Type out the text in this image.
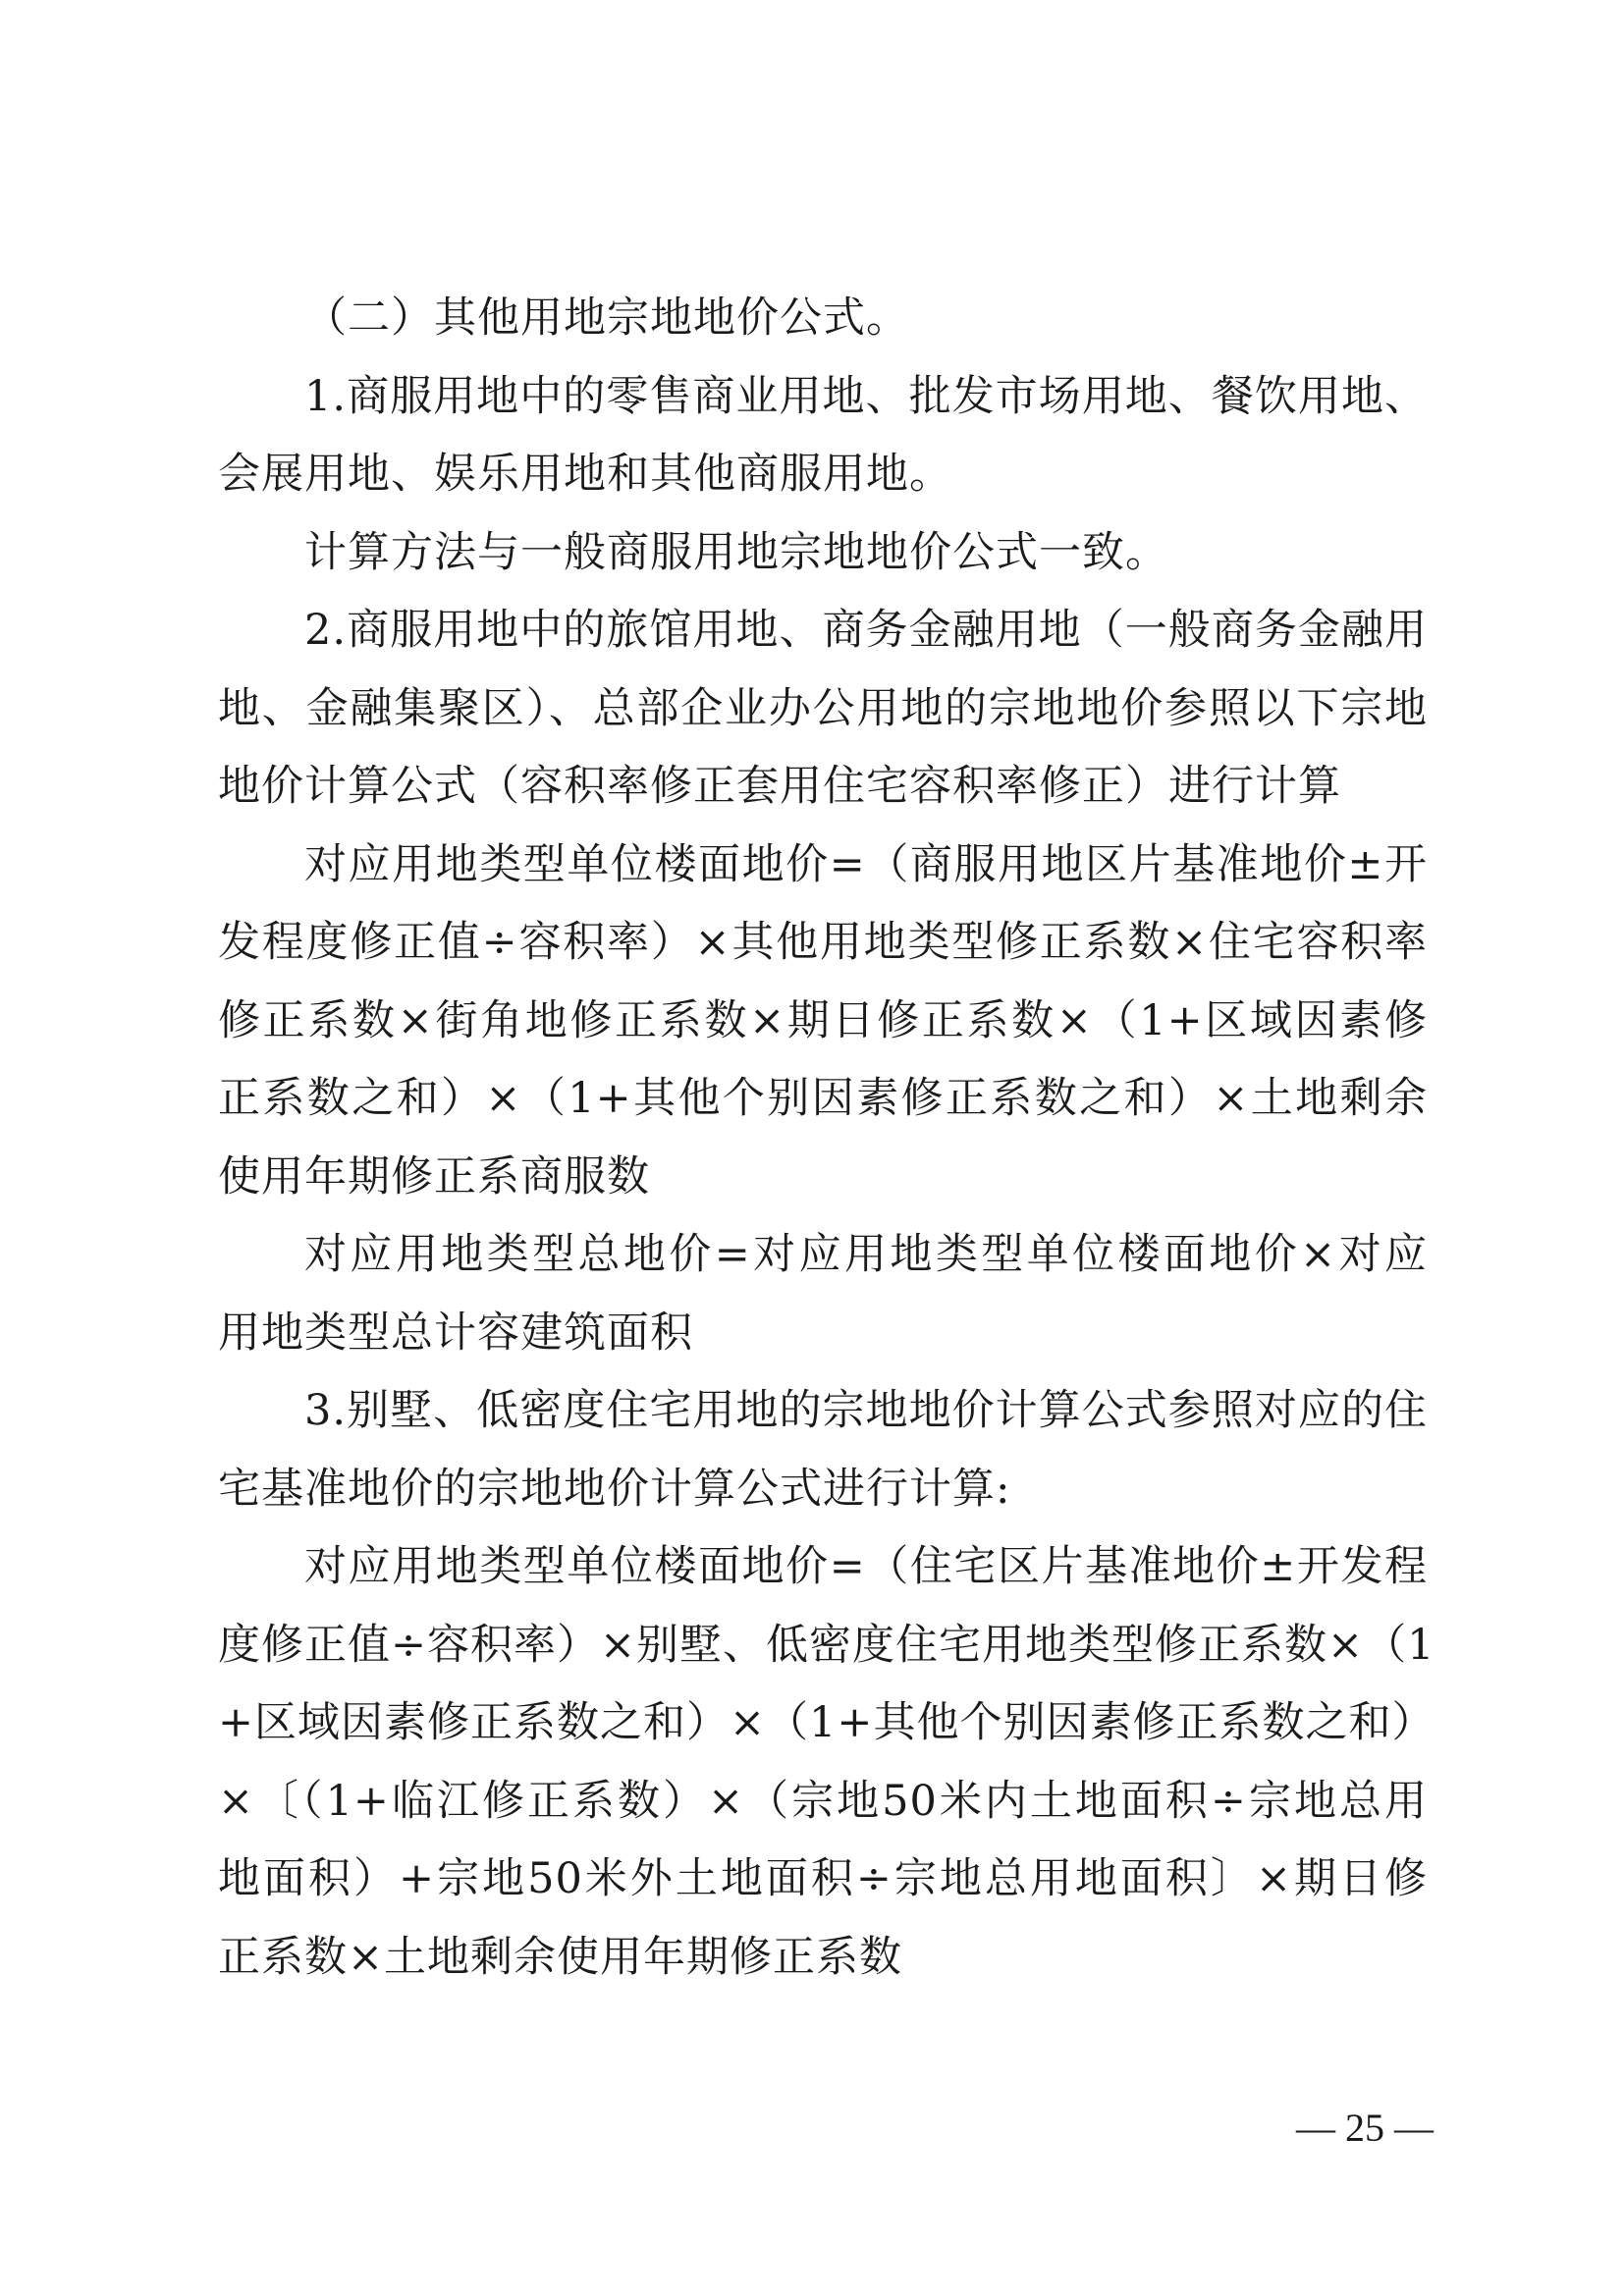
（二）其他用地宗地地价公式。
1.商服用地中的零售商业用地、批发市场用地、餐饮用地、
会展用地、娱乐用地和其他商服用地。
计算方法与一般商服用地宗地地价公式一致。
2.商服用地中的旅馆用地、商务金融用地（一般商务金融用
地、金融集聚区）、总部企业办公用地的宗地地价参照以下宗地
地价计算公式（容积率修正套用住宅容积率修正）进行计算
对应用地类型单位楼面地价=（商服用地区片基准地价±开
发程度修正值÷容积率）×其他用地类型修正系数×住宅容积率
修正系数×街角地修正系数×期日修正系数×（1+区域因素修
正系数之和）×（1+其他个别因素修正系数之和）×土地剩余
使用年期修正系商服数
对应用地类型总地价=对应用地类型单位楼面地价×对应
用地类型总计容建筑面积
3.别墅、低密度住宅用地的宗地地价计算公式参照对应的住
宅基准地价的宗地地价计算公式进行计算:
对应用地类型单位楼面地价=（住宅区片基准地价±开发程
度修正值÷容积率）×别墅、低密度住宅用地类型修正系数×（1
+区域因素修正系数之和）×（1+其他个别因素修正系数之和）
×〔（1+临江修正系数）×（宗地50米内土地面积÷宗地总用
地面积）+宗地50米外土地面积÷宗地总用地面积〕×期日修
正系数×土地剩余使用年期修正系数
— 25 —
